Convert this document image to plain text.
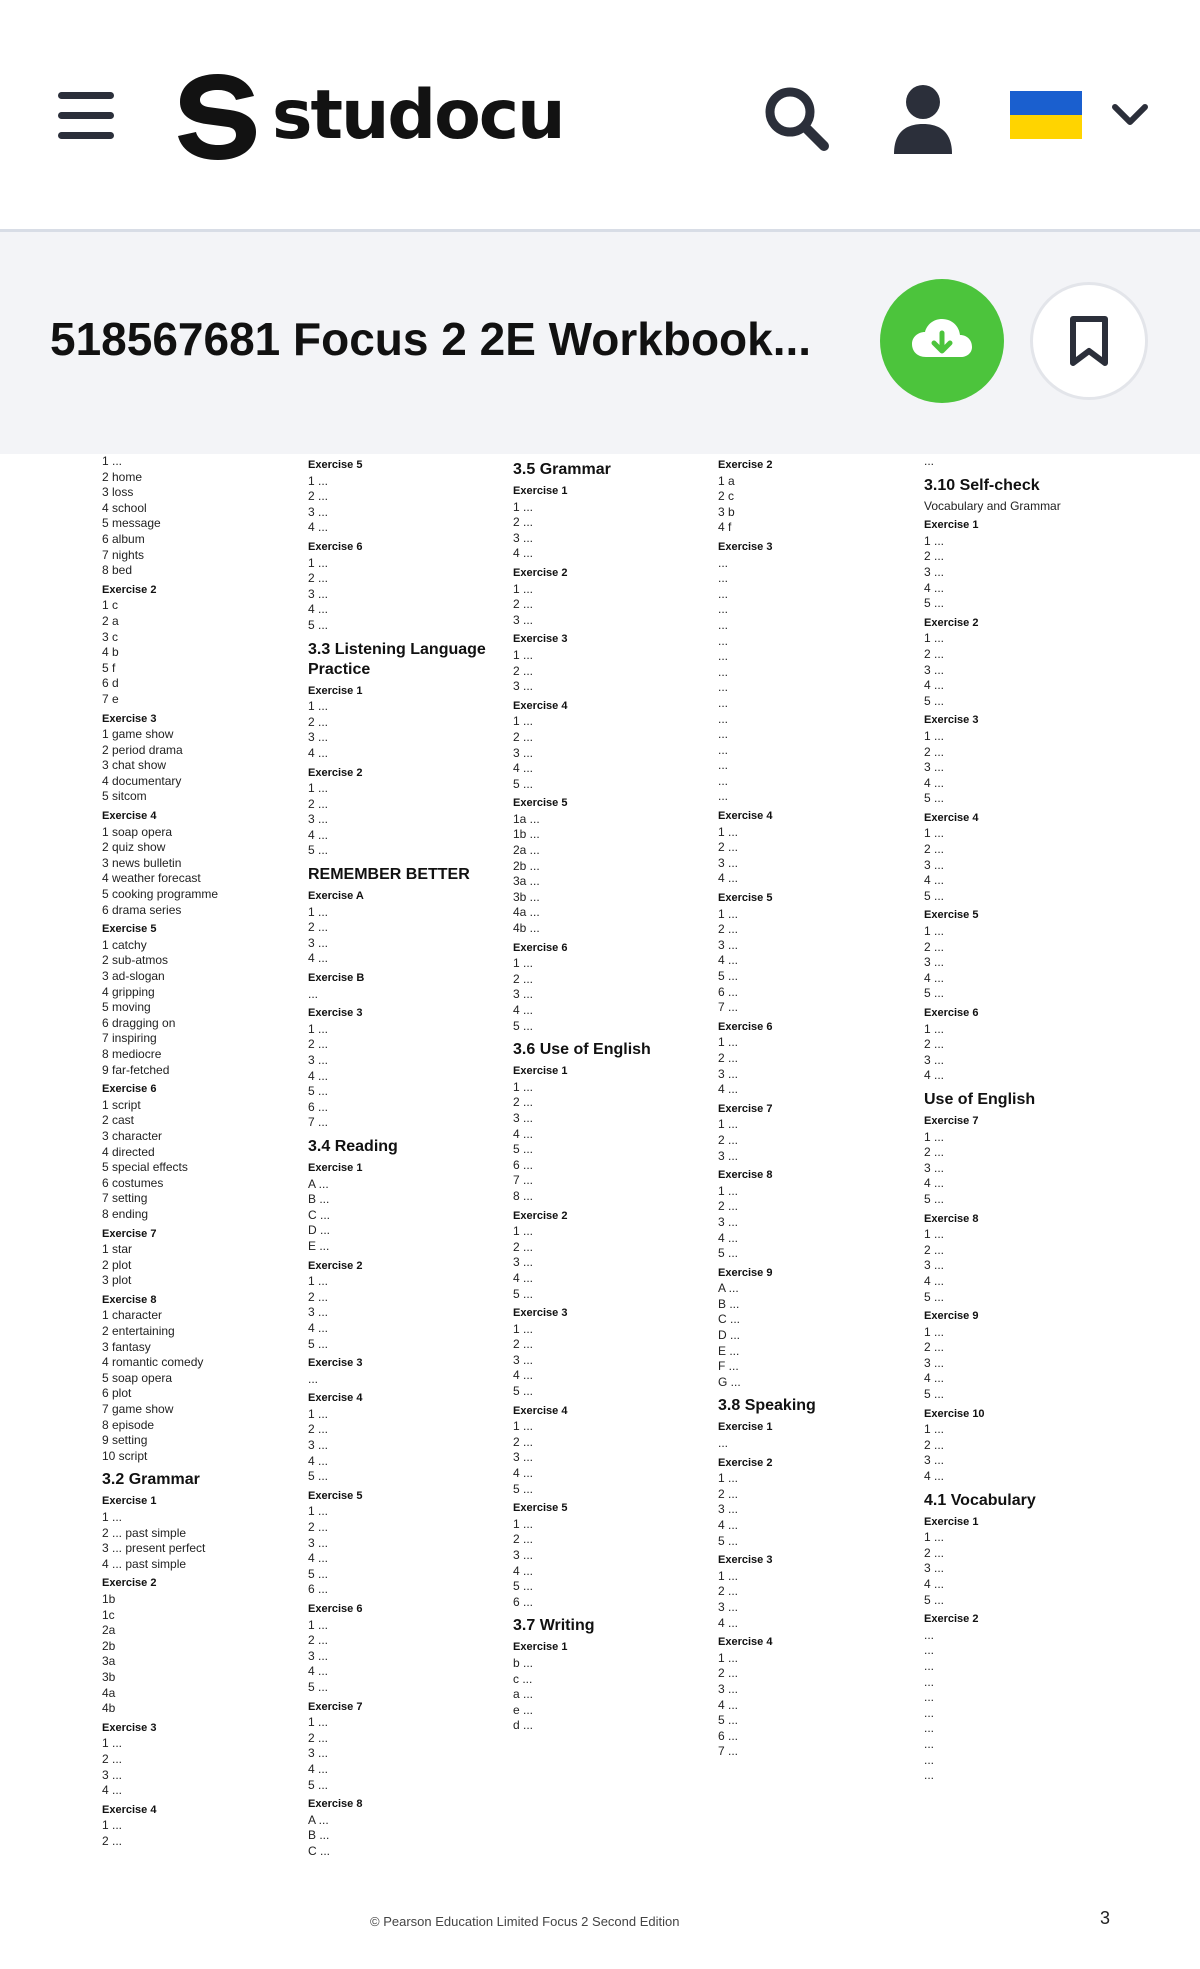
studocu
518567681 Focus 2 2E Workbook...
1 ...
2 home
3 loss
4 school
5 message
6 album
7 nights
8 bed
Exercise 2
1 c
2 a
3 c
4 b
5 f
6 d
7 e
Exercise 3
1 game show
2 period drama
3 chat show
4 documentary
5 sitcom
Exercise 4
1 soap opera
2 quiz show
3 news bulletin
4 weather forecast
5 cooking programme
6 drama series
Exercise 5
1 catchy
2 sub-atmos
3 ad-slogan
4 gripping
5 moving
6 dragging on
7 inspiring
8 mediocre
9 far-fetched
Exercise 6
1 script
2 cast
3 character
4 directed
5 special effects
6 costumes
7 setting
8 ending
Exercise 7
1 star
2 plot
3 plot
Exercise 8
1 character
2 entertaining
3 fantasy
4 romantic comedy
5 soap opera
6 plot
7 game show
8 episode
9 setting
10 script
3.2 Grammar
Exercise 1
1 ...
2 ... past simple
3 ... present perfect
4 ... past simple
Exercise 2
1b
1c
2a
2b
3a
3b
4a
4b
Exercise 3
1 ...
2 ...
3 ...
4 ...
Exercise 4
1 ...
2 ...
Exercise 5
1 ...
2 ...
3 ...
4 ...
Exercise 6
1 ...
2 ...
3 ...
4 ...
5 ...
3.3 Listening Language Practice
Exercise 1
1 ...
2 ...
3 ...
4 ...
Exercise 2
1 ...
2 ...
3 ...
4 ...
5 ...
REMEMBER BETTER
Exercise A
1 ...
2 ...
3 ...
4 ...
Exercise B
...
Exercise 3
1 ...
2 ...
3 ...
4 ...
5 ...
6 ...
7 ...
3.4 Reading
Exercise 1
A ...
B ...
C ...
D ...
E ...
Exercise 2
1 ...
2 ...
3 ...
4 ...
5 ...
Exercise 3
...
Exercise 4
1 ...
2 ...
3 ...
4 ...
5 ...
Exercise 5
1 ...
2 ...
3 ...
4 ...
5 ...
6 ...
Exercise 6
1 ...
2 ...
3 ...
4 ...
5 ...
Exercise 7
1 ...
2 ...
3 ...
4 ...
5 ...
Exercise 8
A ...
B ...
C ...
3.5 Grammar
Exercise 1
1 ...
2 ...
3 ...
4 ...
Exercise 2
1 ...
2 ...
3 ...
Exercise 3
1 ...
2 ...
3 ...
Exercise 4
1 ...
2 ...
3 ...
4 ...
5 ...
Exercise 5
1a ...
1b ...
2a ...
2b ...
3a ...
3b ...
4a ...
4b ...
Exercise 6
1 ...
2 ...
3 ...
4 ...
5 ...
3.6 Use of English
Exercise 1
1 ...
2 ...
3 ...
4 ...
5 ...
6 ...
7 ...
8 ...
Exercise 2
1 ...
2 ...
3 ...
4 ...
5 ...
Exercise 3
1 ...
2 ...
3 ...
4 ...
5 ...
Exercise 4
1 ...
2 ...
3 ...
4 ...
5 ...
Exercise 5
1 ...
2 ...
3 ...
4 ...
5 ...
6 ...
3.7 Writing
Exercise 1
b ...
c ...
a ...
e ...
d ...
Exercise 2
1 a
2 c
3 b
4 f
Exercise 3
...
...
...
...
...
...
...
...
...
...
...
...
...
...
...
...
Exercise 4
1 ...
2 ...
3 ...
4 ...
Exercise 5
1 ...
2 ...
3 ...
4 ...
5 ...
6 ...
7 ...
Exercise 6
1 ...
2 ...
3 ...
4 ...
Exercise 7
1 ...
2 ...
3 ...
Exercise 8
1 ...
2 ...
3 ...
4 ...
5 ...
Exercise 9
A ...
B ...
C ...
D ...
E ...
F ...
G ...
3.8 Speaking
Exercise 1
...
Exercise 2
1 ...
2 ...
3 ...
4 ...
5 ...
Exercise 3
1 ...
2 ...
3 ...
4 ...
Exercise 4
1 ...
2 ...
3 ...
4 ...
5 ...
6 ...
7 ...
...
3.10 Self-check
Vocabulary and Grammar
Exercise 1
1 ...
2 ...
3 ...
4 ...
5 ...
Exercise 2
1 ...
2 ...
3 ...
4 ...
5 ...
Exercise 3
1 ...
2 ...
3 ...
4 ...
5 ...
Exercise 4
1 ...
2 ...
3 ...
4 ...
5 ...
Exercise 5
1 ...
2 ...
3 ...
4 ...
5 ...
Exercise 6
1 ...
2 ...
3 ...
4 ...
Use of English
Exercise 7
1 ...
2 ...
3 ...
4 ...
5 ...
Exercise 8
1 ...
2 ...
3 ...
4 ...
5 ...
Exercise 9
1 ...
2 ...
3 ...
4 ...
5 ...
Exercise 10
1 ...
2 ...
3 ...
4 ...
4.1 Vocabulary
Exercise 1
1 ...
2 ...
3 ...
4 ...
5 ...
Exercise 2
...
...
...
...
...
...
...
...
...
...
© Pearson Education Limited Focus 2 Second Edition	3
